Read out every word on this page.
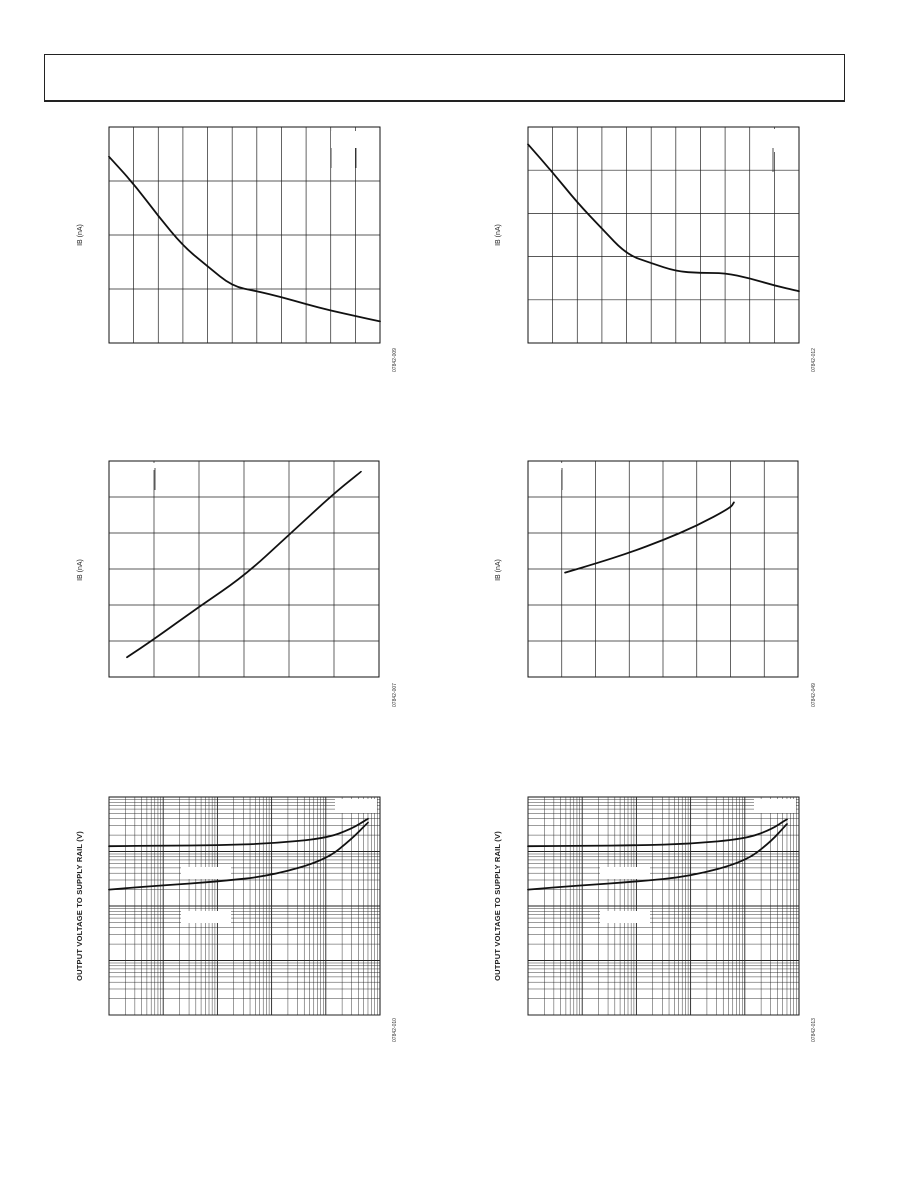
IB (nA)
07842-009
IB (nA)
07842-012
IB (nA)
07842-007
IB (nA)
07842-049
OUTPUT VOLTAGE TO SUPPLY RAIL (V)
07842-010
OUTPUT VOLTAGE TO SUPPLY RAIL (V)
07842-013
